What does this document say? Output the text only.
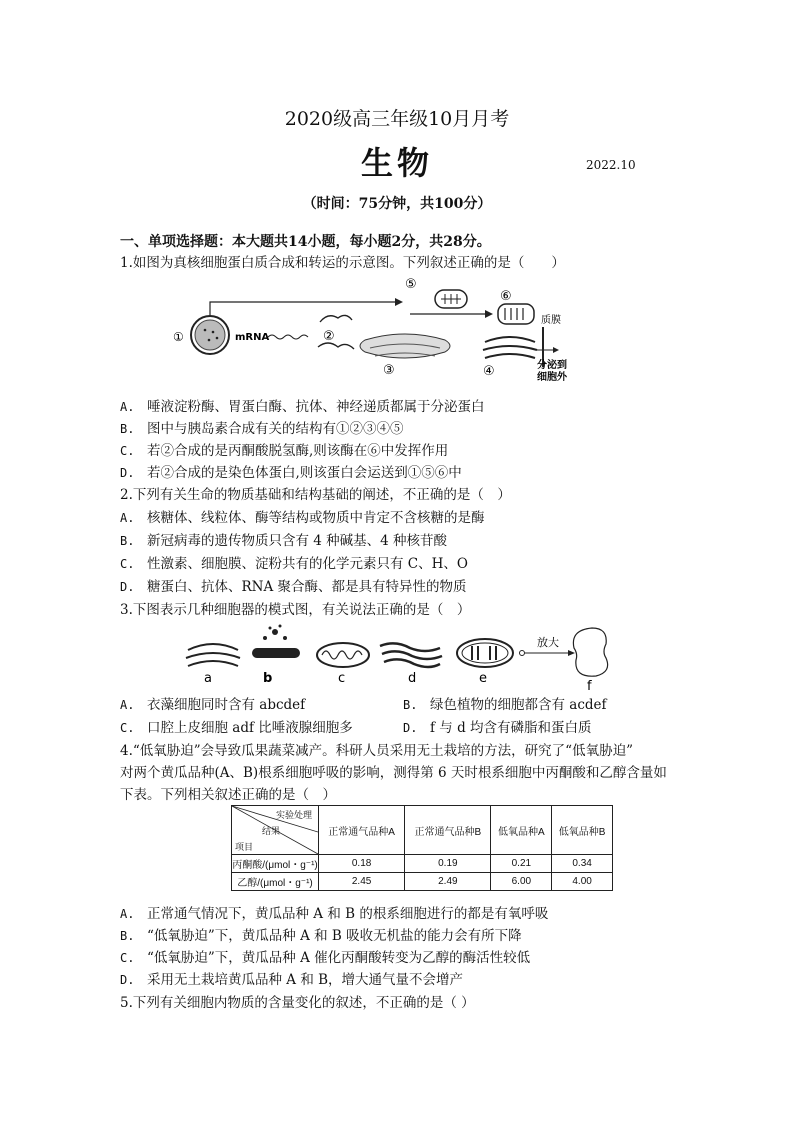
2020级高三年级10月月考
生物	2022.10
（时间：75分钟，共100分）
一、单项选择题：本大题共14小题，每小题2分，共28分。
1.如图为真核细胞蛋白质合成和转运的示意图。下列叙述正确的是（　　）
①	mRNA	②
③
⑤
⑥
④
质膜
分泌到
细胞外
A. 唾液淀粉酶、胃蛋白酶、抗体、神经递质都属于分泌蛋白
B. 图中与胰岛素合成有关的结构有①②③④⑤
C. 若②合成的是丙酮酸脱氢酶,则该酶在⑥中发挥作用
D. 若②合成的是染色体蛋白,则该蛋白会运送到①⑤⑥中
2.下列有关生命的物质基础和结构基础的阐述，不正确的是（　）
A. 核糖体、线粒体、酶等结构或物质中肯定不含核糖的是酶
B. 新冠病毒的遗传物质只含有 4 种碱基、4 种核苷酸
C. 性激素、细胞膜、淀粉共有的化学元素只有 C、H、O
D. 糖蛋白、抗体、RNA 聚合酶、都是具有特异性的物质
3.下图表示几种细胞器的模式图，有关说法正确的是（　）
a	b	c	d	e
放大
f
A. 衣藻细胞同时含有 abcdef	B. 绿色植物的细胞都含有 acdef
C. 口腔上皮细胞 adf 比唾液腺细胞多	D. f 与 d 均含有磷脂和蛋白质
4.“低氧胁迫”会导致瓜果蔬菜减产。科研人员采用无土栽培的方法，研究了“低氧胁迫”
对两个黄瓜品种(A、B)根系细胞呼吸的影响，测得第 6 天时根系细胞中丙酮酸和乙醇含量如
下表。下列相关叙述正确的是（　）
实验处理
结果
项目	正常通气品种A	正常通气品种B	低氧品种A	低氧品种B
丙酮酸/(μmol・g⁻¹)	0.18	0.19	0.21	0.34
乙醇/(μmol・g⁻¹)	2.45	2.49	6.00	4.00
A. 正常通气情况下，黄瓜品种 A 和 B 的根系细胞进行的都是有氧呼吸
B. “低氧胁迫”下，黄瓜品种 A 和 B 吸收无机盐的能力会有所下降
C. “低氧胁迫”下，黄瓜品种 A 催化丙酮酸转变为乙醇的酶活性较低
D. 采用无土栽培黄瓜品种 A 和 B，增大通气量不会增产
5.下列有关细胞内物质的含量变化的叙述，不正确的是（ ）
